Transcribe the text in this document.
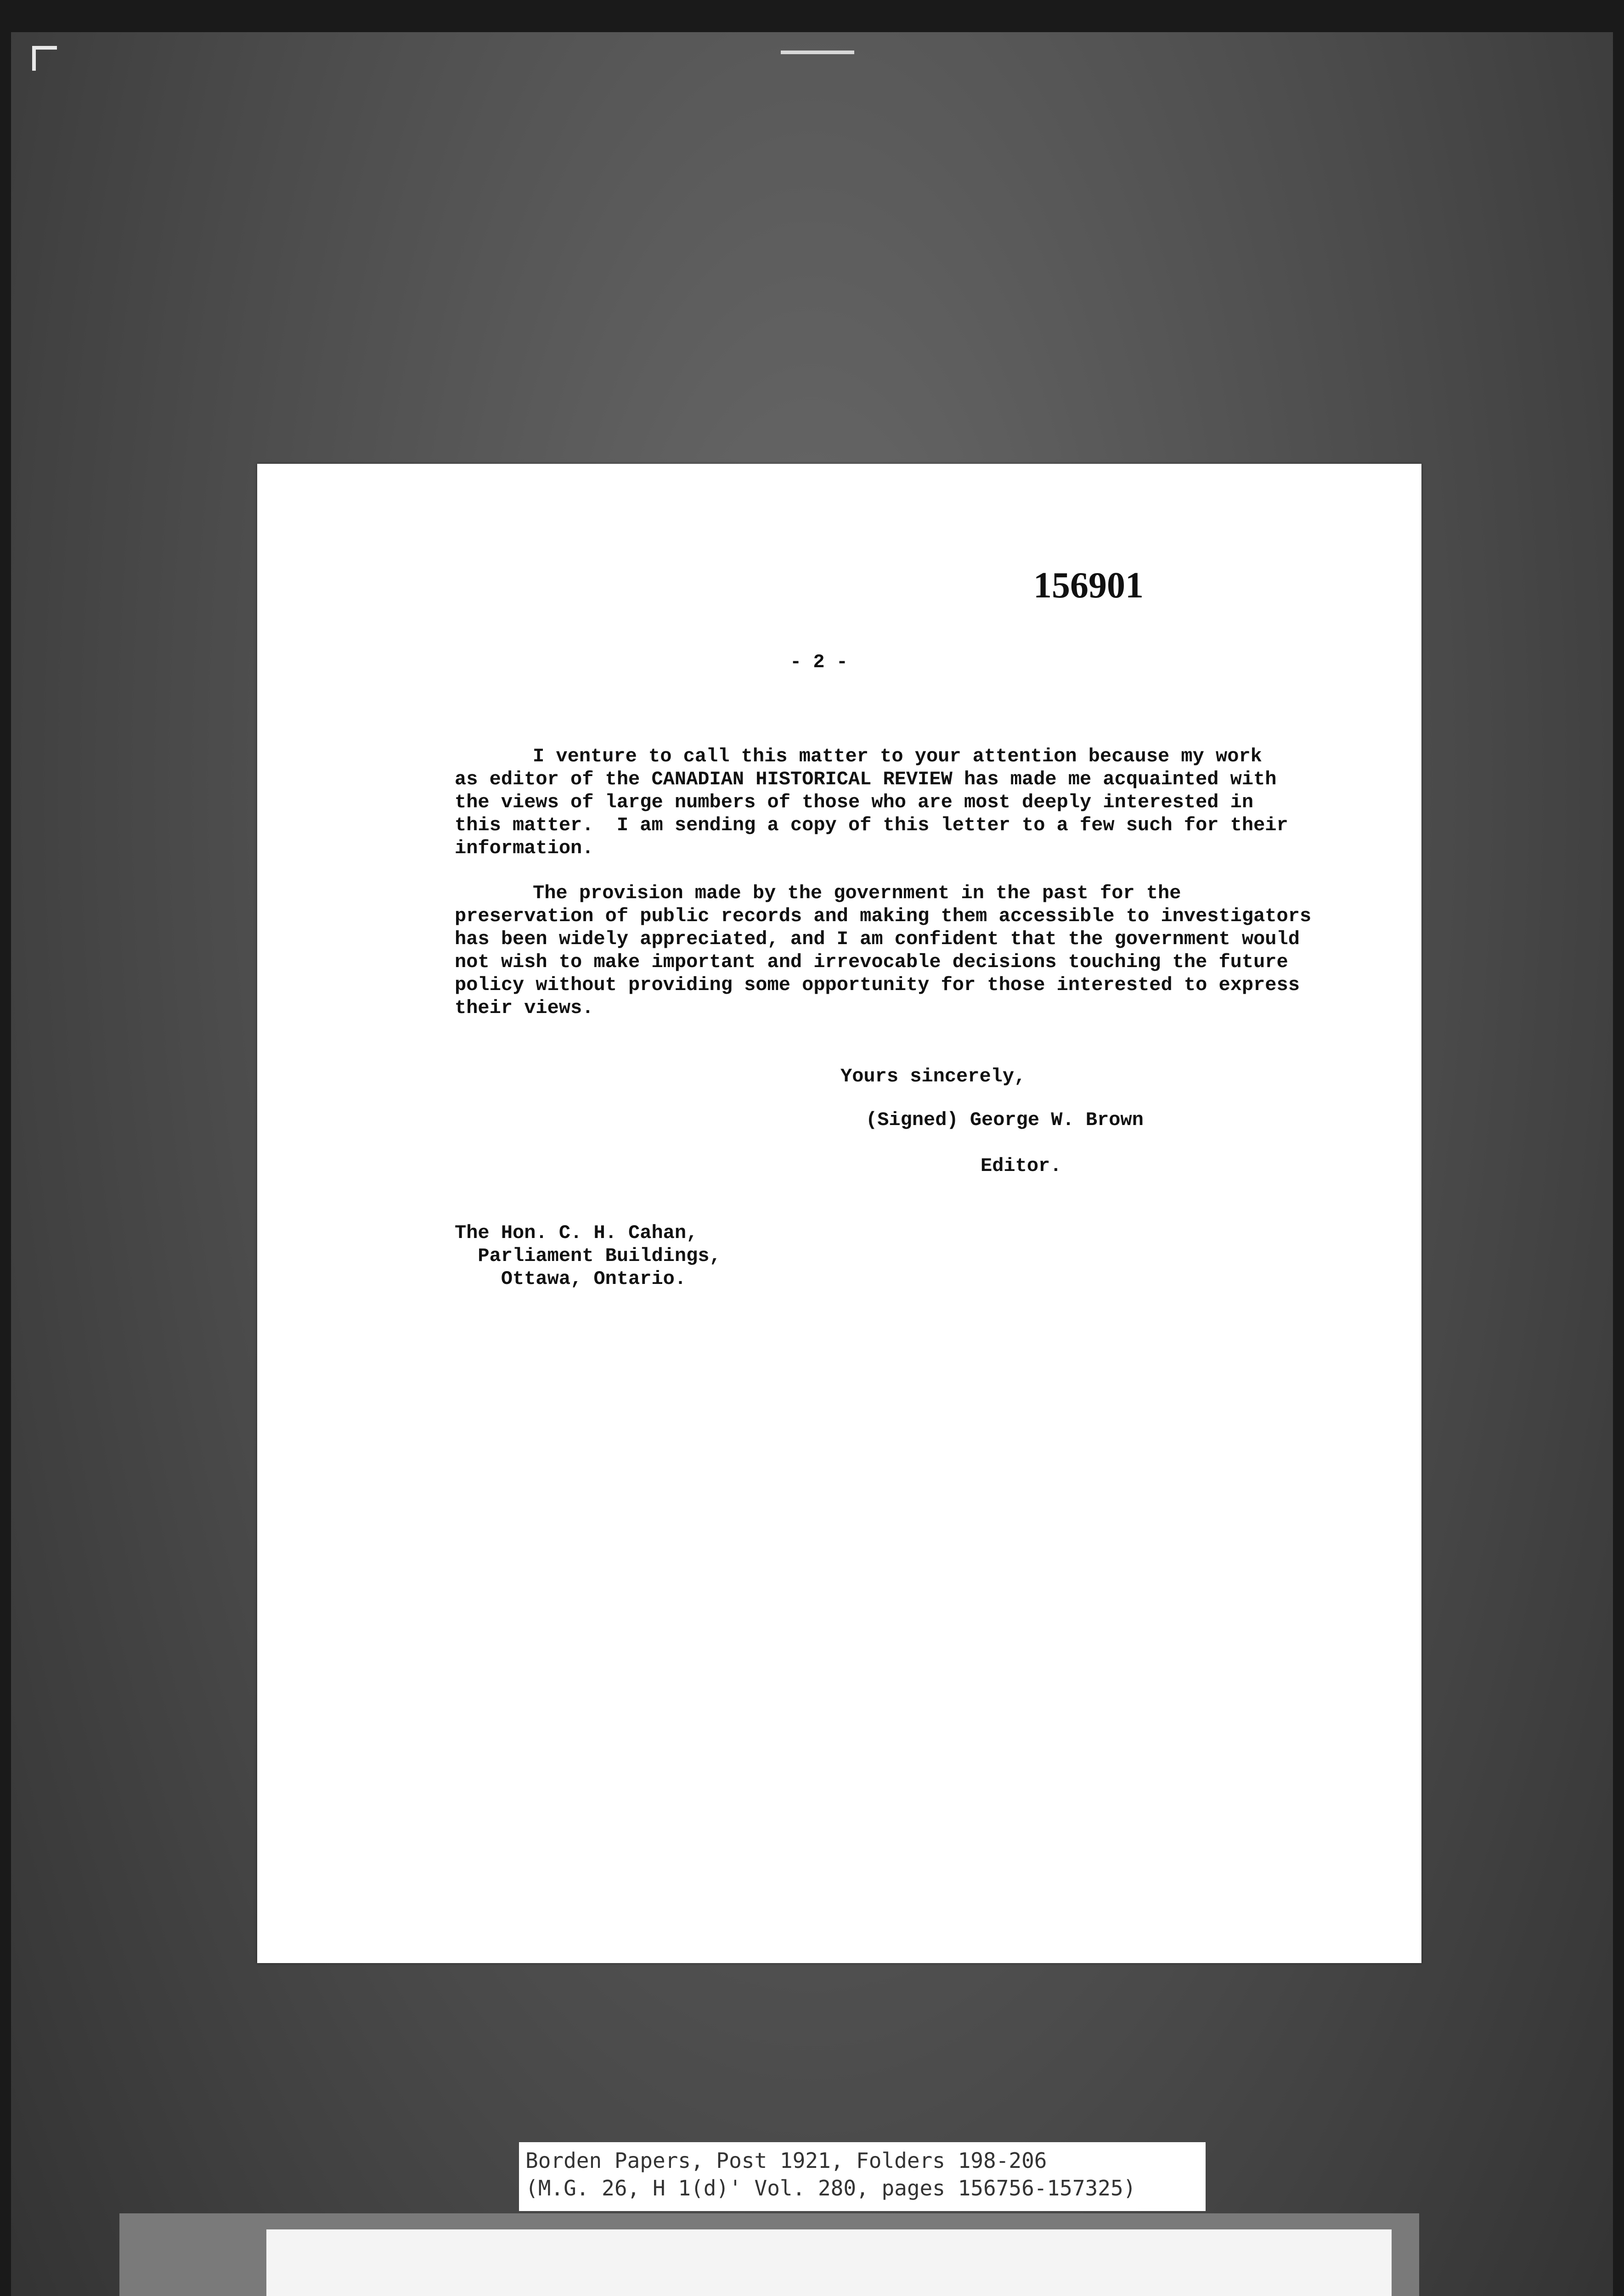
156901
- 2 -
I venture to call this matter to your attention because my work
as editor of the CANADIAN HISTORICAL REVIEW has made me acquainted with
the views of large numbers of those who are most deeply interested in
this matter.  I am sending a copy of this letter to a few such for their
information.
The provision made by the government in the past for the
preservation of public records and making them accessible to investigators
has been widely appreciated, and I am confident that the government would
not wish to make important and irrevocable decisions touching the future
policy without providing some opportunity for those interested to express
their views.
Yours sincerely,
(Signed) George W. Brown
Editor.
The Hon. C. H. Cahan,
Parliament Buildings,
Ottawa, Ontario.
Borden Papers, Post 1921, Folders 198-206
(M.G. 26, H 1(d)' Vol. 280, pages 156756-157325)
